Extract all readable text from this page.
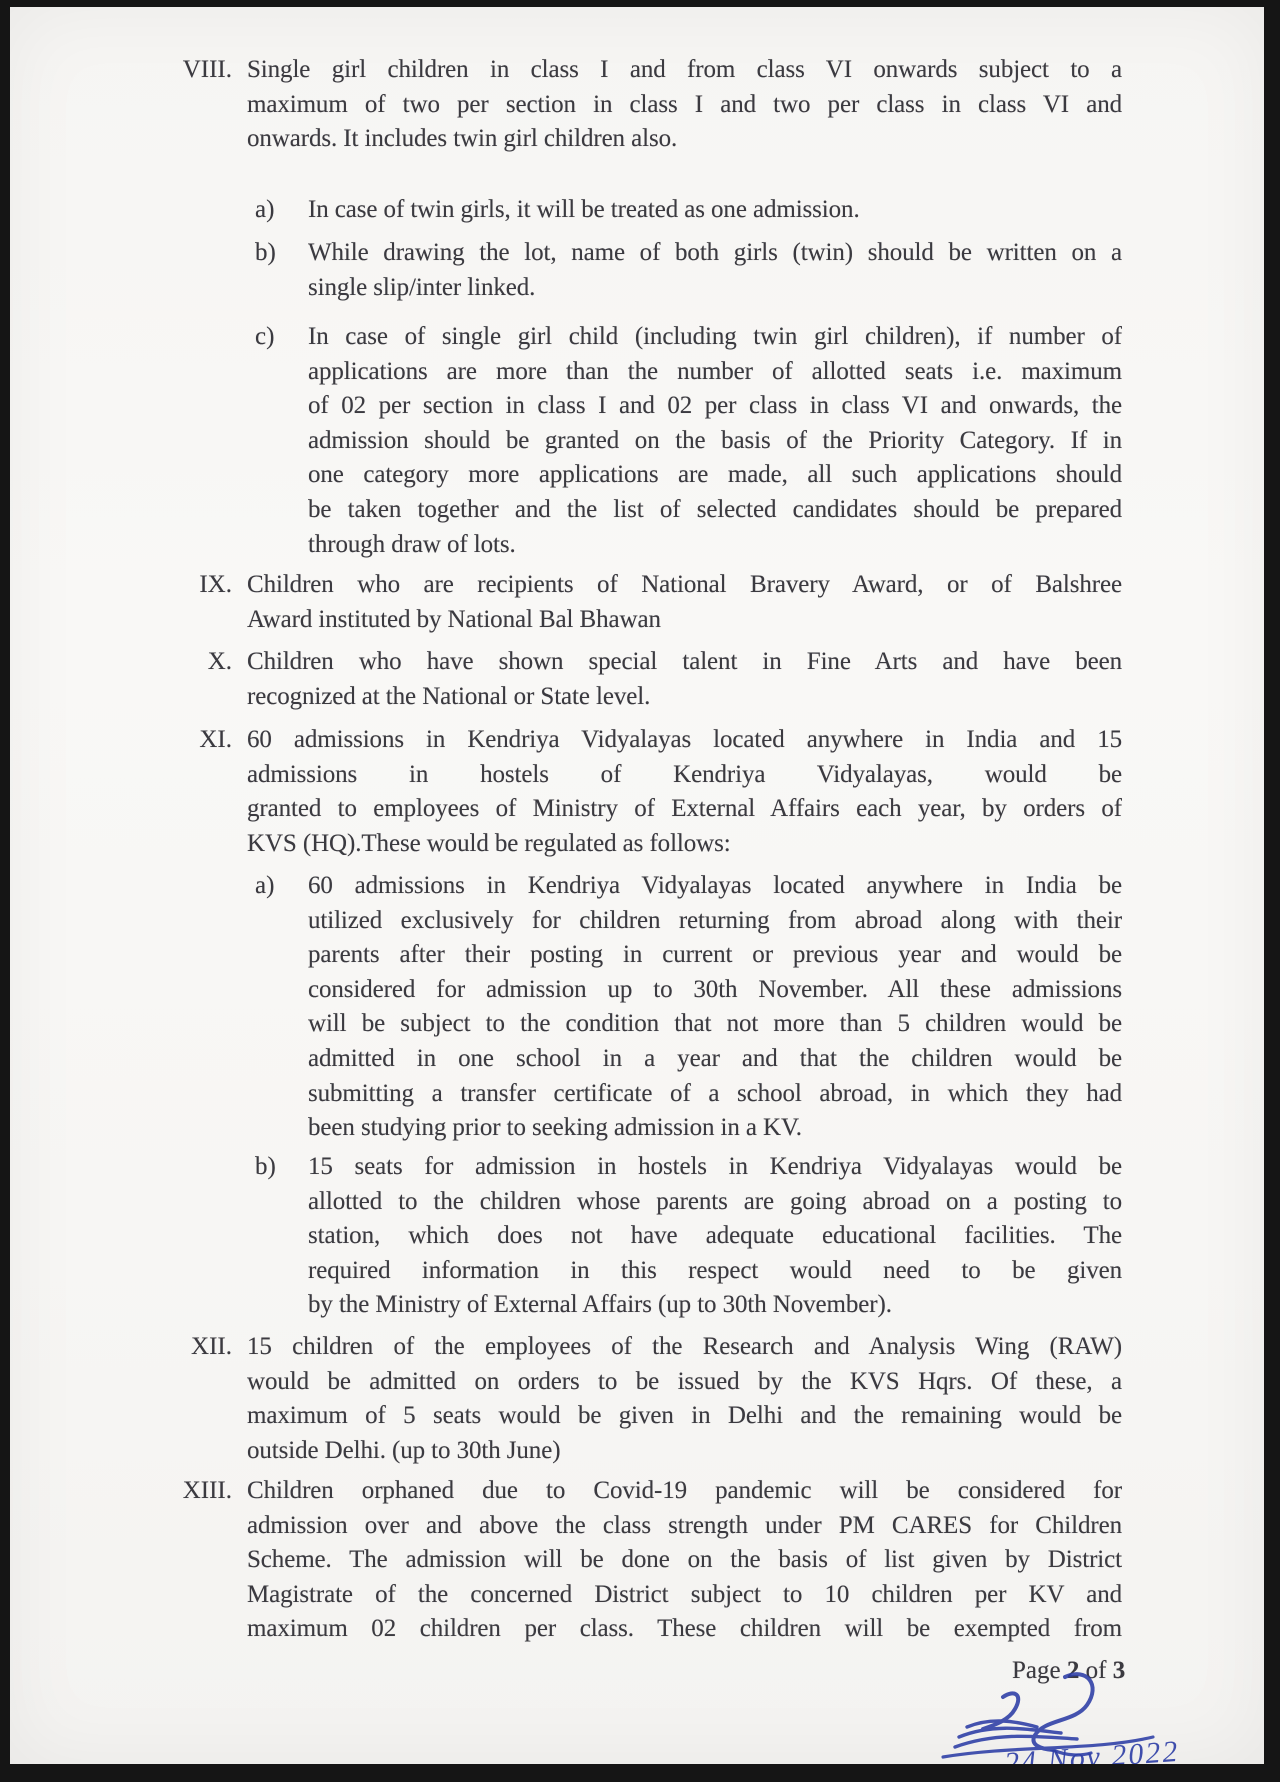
VIII. Single girl children in class I and from class VI onwards subject to a
maximum of two per section in class I and two per class in class VI and
onwards. It includes twin girl children also.
a)	In case of twin girls, it will be treated as one admission.
b)	While drawing the lot, name of both girls (twin) should be written on a
single slip/inter linked.
c)	In case of single girl child (including twin girl children), if number of
applications are more than the number of allotted seats i.e. maximum
of 02 per section in class I and 02 per class in class VI and onwards, the
admission should be granted on the basis of the Priority Category. If in
one category more applications are made, all such applications should
be taken together and the list of selected candidates should be prepared
through draw of lots.
IX. Children who are recipients of National Bravery Award, or of Balshree
Award instituted by National Bal Bhawan
X. Children who have shown special talent in Fine Arts and have been
recognized at the National or State level.
XI. 60 admissions in Kendriya Vidyalayas located anywhere in India and 15
admissions in hostels of Kendriya Vidyalayas, would be
granted to employees of Ministry of External Affairs each year, by orders of
KVS (HQ).These would be regulated as follows:
a)	60 admissions in Kendriya Vidyalayas located anywhere in India be
utilized exclusively for children returning from abroad along with their
parents after their posting in current or previous year and would be
considered for admission up to 30th November. All these admissions
will be subject to the condition that not more than 5 children would be
admitted in one school in a year and that the children would be
submitting a transfer certificate of a school abroad, in which they had
been studying prior to seeking admission in a KV.
b)	15 seats for admission in hostels in Kendriya Vidyalayas would be
allotted to the children whose parents are going abroad on a posting to
station, which does not have adequate educational facilities. The
required information in this respect would need to be given
by the Ministry of External Affairs (up to 30th November).
XII. 15 children of the employees of the Research and Analysis Wing (RAW)
would be admitted on orders to be issued by the KVS Hqrs. Of these, a
maximum of 5 seats would be given in Delhi and the remaining would be
outside Delhi. (up to 30th June)
XIII. Children orphaned due to Covid-19 pandemic will be considered for
admission over and above the class strength under PM CARES for Children
Scheme. The admission will be done on the basis of list given by District
Magistrate of the concerned District subject to 10 children per KV and
maximum 02 children per class. These children will be exempted from
Page 2 of 3
24 Nov 2022
